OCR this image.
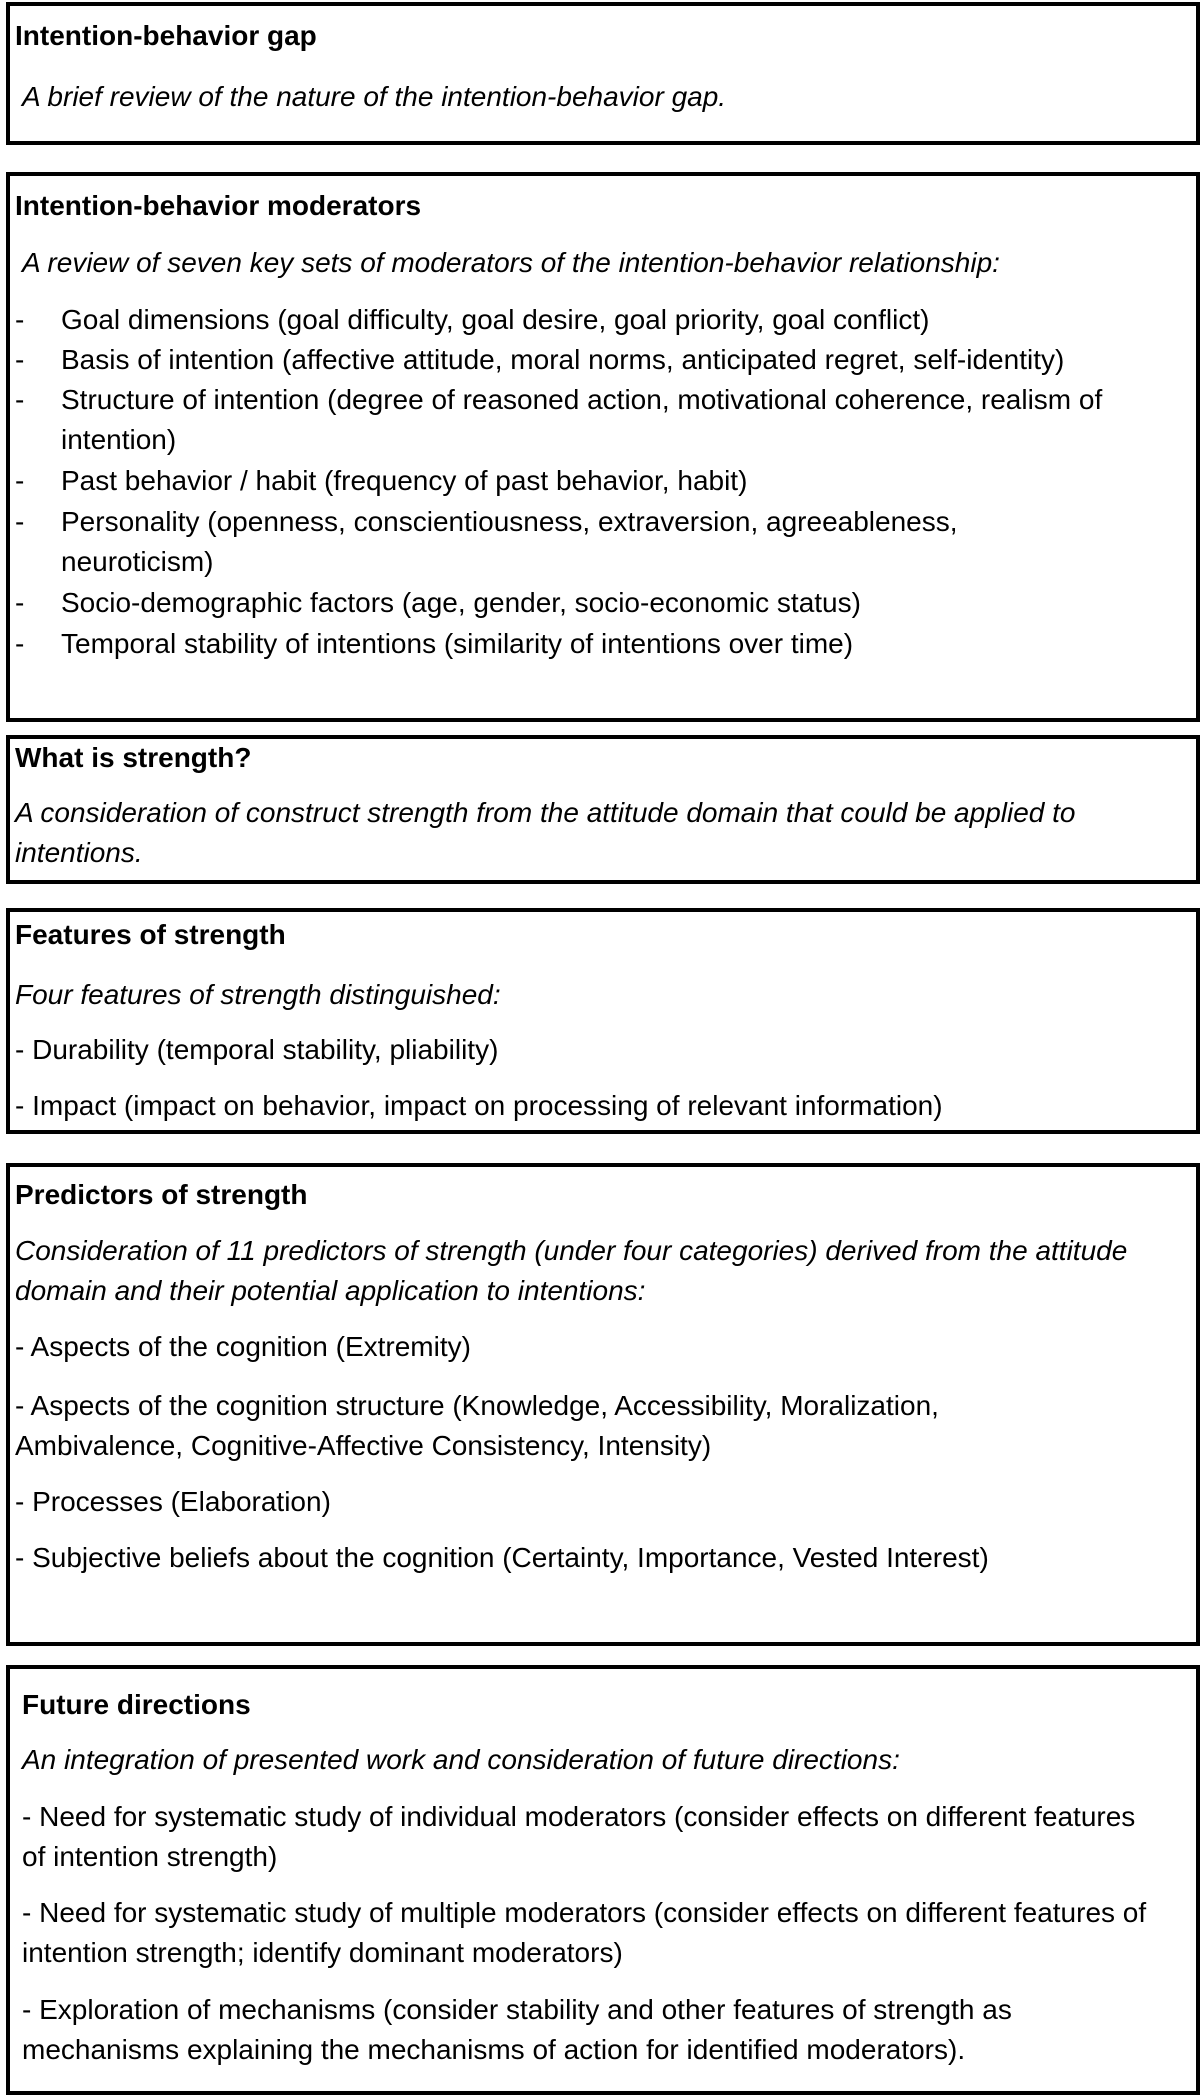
Intention-behavior gap
A brief review of the nature of the intention-behavior gap.
Intention-behavior moderators
A review of seven key sets of moderators of the intention-behavior relationship:
- Goal dimensions (goal difficulty, goal desire, goal priority, goal conflict)
- Basis of intention (affective attitude, moral norms, anticipated regret, self-identity)
- Structure of intention (degree of reasoned action, motivational coherence, realism of intention)
- Past behavior / habit (frequency of past behavior, habit)
- Personality (openness, conscientiousness, extraversion, agreeableness, neuroticism)
- Socio-demographic factors (age, gender, socio-economic status)
- Temporal stability of intentions (similarity of intentions over time)
What is strength?
A consideration of construct strength from the attitude domain that could be applied to intentions.
Features of strength
Four features of strength distinguished:
- Durability (temporal stability, pliability)
- Impact (impact on behavior, impact on processing of relevant information)
Predictors of strength
Consideration of 11 predictors of strength (under four categories) derived from the attitude domain and their potential application to intentions:
- Aspects of the cognition (Extremity)
- Aspects of the cognition structure (Knowledge, Accessibility, Moralization, Ambivalence, Cognitive-Affective Consistency, Intensity)
- Processes (Elaboration)
- Subjective beliefs about the cognition (Certainty, Importance, Vested Interest)
Future directions
An integration of presented work and consideration of future directions:
- Need for systematic study of individual moderators (consider effects on different features of intention strength)
- Need for systematic study of multiple moderators (consider effects on different features of intention strength; identify dominant moderators)
- Exploration of mechanisms (consider stability and other features of strength as mechanisms explaining the mechanisms of action for identified moderators).
